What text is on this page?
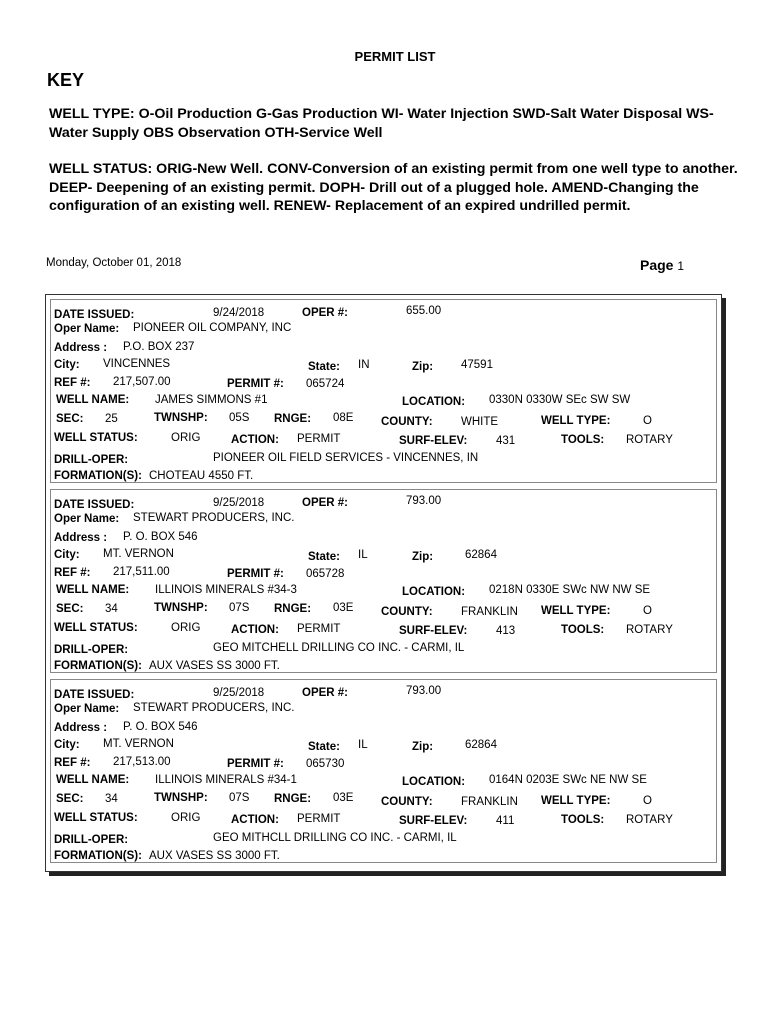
PERMIT LIST
KEY
WELL TYPE: O-Oil Production G-Gas Production WI- Water Injection SWD-Salt Water Disposal WS-Water Supply OBS Observation OTH-Service Well
WELL STATUS: ORIG-New Well. CONV-Conversion of an existing permit from one well type to another. DEEP- Deepening of an existing permit. DOPH- Drill out of a plugged hole. AMEND-Changing the configuration of an existing well. RENEW- Replacement of an expired undrilled permit.
Monday, October 01, 2018	Page 1
DATE ISSUED:	9/24/2018	OPER #:	655.00
Oper Name: PIONEER OIL COMPANY, INC
Address : P.O. BOX 237
City: VINCENNES	State: IN	Zip: 47591
REF #: 217,507.00	PERMIT #: 065724
WELL NAME: JAMES SIMMONS #1	LOCATION: 0330N 0330W SEc SW SW
SEC: 25	TWNSHP: 05S RNGE: 08E COUNTY: WHITE	WELL TYPE:	O
WELL STATUS:	ORIG	ACTION: PERMIT	SURF-ELEV: 431	TOOLS: ROTARY
DRILL-OPER:	PIONEER OIL FIELD SERVICES - VINCENNES, IN
FORMATION(S): CHOTEAU 4550 FT.
DATE ISSUED:	9/25/2018	OPER #:	793.00
Oper Name: STEWART PRODUCERS, INC.
Address : P. O. BOX 546
City: MT. VERNON	State: IL	Zip:	62864
REF #: 217,511.00	PERMIT #: 065728
WELL NAME: ILLINOIS MINERALS #34-3	LOCATION: 0218N 0330E SWc NW NW SE
SEC: 34	TWNSHP: 07S RNGE: 03E COUNTY: FRANKLIN WELL TYPE:	O
WELL STATUS:	ORIG	ACTION: PERMIT	SURF-ELEV: 413	TOOLS: ROTARY
DRILL-OPER:	GEO MITCHELL DRILLING CO INC. - CARMI, IL
FORMATION(S): AUX VASES SS 3000 FT.
DATE ISSUED:	9/25/2018	OPER #:	793.00
Oper Name: STEWART PRODUCERS, INC.
Address : P. O. BOX 546
City: MT. VERNON	State: IL	Zip:	62864
REF #: 217,513.00	PERMIT #: 065730
WELL NAME: ILLINOIS MINERALS #34-1	LOCATION: 0164N 0203E SWc NE NW SE
SEC: 34	TWNSHP: 07S RNGE: 03E COUNTY: FRANKLIN WELL TYPE:	O
WELL STATUS:	ORIG	ACTION: PERMIT	SURF-ELEV: 411	TOOLS: ROTARY
DRILL-OPER:	GEO MITHCLL DRILLING CO INC. - CARMI, IL
FORMATION(S): AUX VASES SS 3000 FT.
